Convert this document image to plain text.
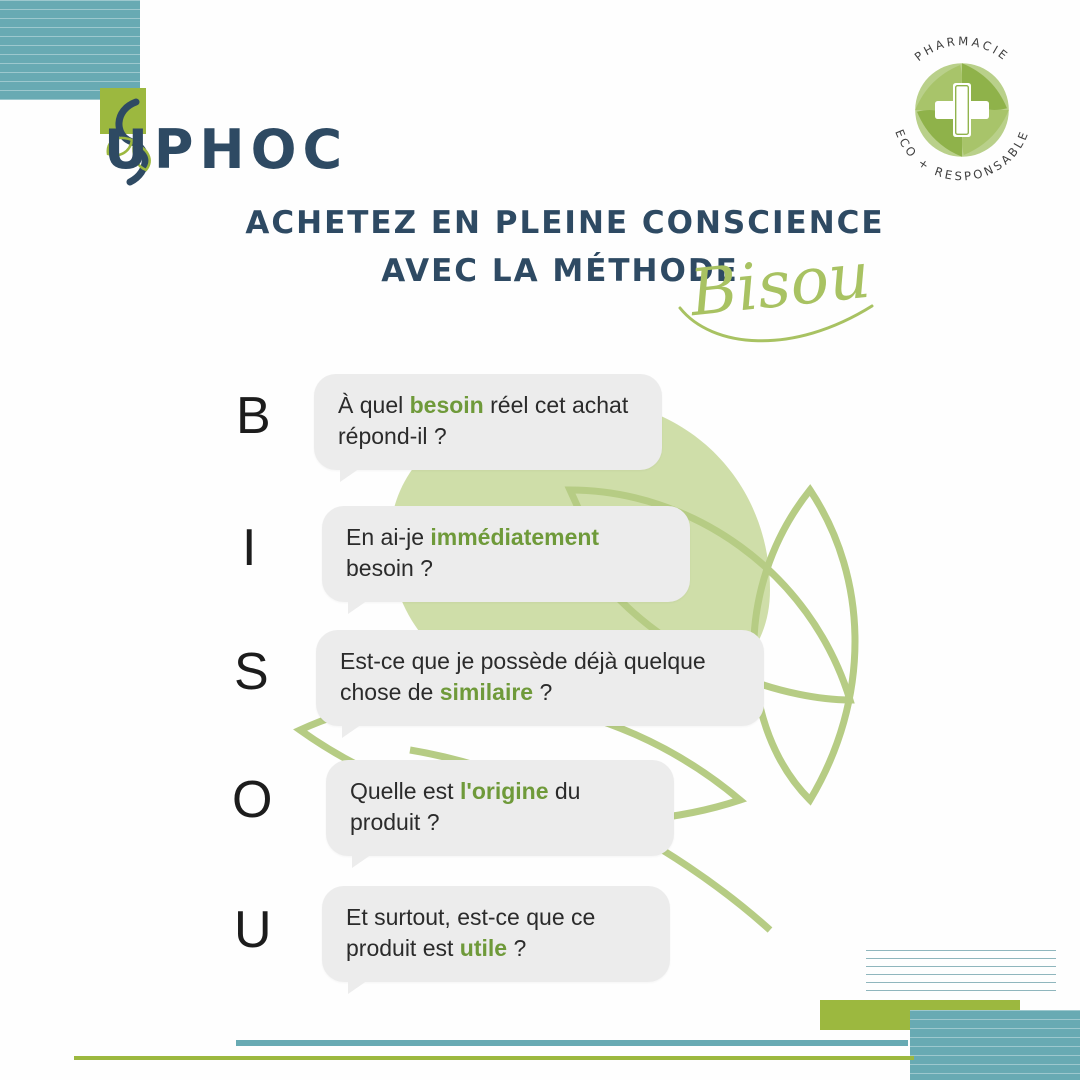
UPHOC
PHARMACIE
ECO + RESPONSABLE
ACHETEZ EN PLEINE CONSCIENCE
AVEC LA MÉTHODE
Bisou
B	À quel besoin réel cet achat répond-il ?
I	En ai-je immédiatement besoin ?
S	Est-ce que je possède déjà quelque chose de similaire ?
O	Quelle est l'origine du produit ?
U	Et surtout, est-ce que ce produit est utile ?
